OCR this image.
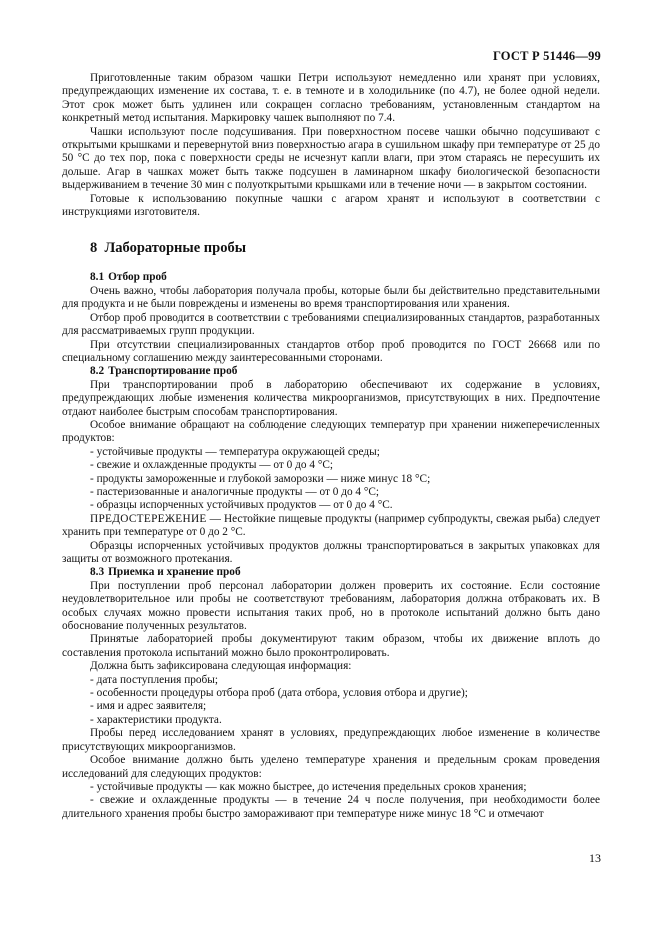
ГОСТ Р 51446—99

Приготовленные таким образом чашки Петри используют немедленно или хранят при условиях, предупреждающих изменение их состава, т. е. в темноте и в холодильнике (по 4.7), не более одной недели. Этот срок может быть удлинен или сокращен согласно требованиям, установленным стандартом на конкретный метод испытания. Маркировку чашек выполняют по 7.4.

Чашки используют после подсушивания. При поверхностном посеве чашки обычно подсушивают с открытыми крышками и перевернутой вниз поверхностью агара в сушильном шкафу при температуре от 25 до 50 °С до тех пор, пока с поверхности среды не исчезнут капли влаги, при этом стараясь не пересушить их дольше. Агар в чашках может быть также подсушен в ламинарном шкафу биологической безопасности выдерживанием в течение 30 мин с полуоткрытыми крышками или в течение ночи — в закрытом состоянии.

Готовые к использованию покупные чашки с агаром хранят и используют в соответствии с инструкциями изготовителя.

8 Лабораторные пробы
8.1 Отбор проб

Очень важно, чтобы лаборатория получала пробы, которые были бы действительно представительными для продукта и не были повреждены и изменены во время транспортирования или хранения.

Отбор проб проводится в соответствии с требованиями специализированных стандартов, разработанных для рассматриваемых групп продукции.

При отсутствии специализированных стандартов отбор проб проводится по ГОСТ 26668 или по специальному соглашению между заинтересованными сторонами.

8.2 Транспортирование проб

При транспортировании проб в лабораторию обеспечивают их содержание в условиях, предупреждающих любые изменения количества микроорганизмов, присутствующих в них. Предпочтение отдают наиболее быстрым способам транспортирования.

Особое внимание обращают на соблюдение следующих температур при хранении нижеперечисленных продуктов:

- устойчивые продукты — температура окружающей среды;
- свежие и охлажденные продукты — от 0 до 4 °С;
- продукты замороженные и глубокой заморозки — ниже минус 18 °С;
- пастеризованные и аналогичные продукты — от 0 до 4 °С;
- образцы испорченных устойчивых продуктов — от 0 до 4 °С.

ПРЕДОСТЕРЕЖЕНИЕ — Нестойкие пищевые продукты (например субпродукты, свежая рыба) следует хранить при температуре от 0 до 2 °С.

Образцы испорченных устойчивых продуктов должны транспортироваться в закрытых упаковках для защиты от возможного протекания.

8.3 Приемка и хранение проб

При поступлении проб персонал лаборатории должен проверить их состояние. Если состояние неудовлетворительное или пробы не соответствуют требованиям, лаборатория должна отбраковать их. В особых случаях можно провести испытания таких проб, но в протоколе испытаний должно быть дано обоснование полученных результатов.

Принятые лабораторией пробы документируют таким образом, чтобы их движение вплоть до составления протокола испытаний можно было проконтролировать.

Должна быть зафиксирована следующая информация:

- дата поступления пробы;
- особенности процедуры отбора проб (дата отбора, условия отбора и другие);
- имя и адрес заявителя;
- характеристики продукта.

Пробы перед исследованием хранят в условиях, предупреждающих любое изменение в количестве присутствующих микроорганизмов.

Особое внимание должно быть уделено температуре хранения и предельным срокам проведения исследований для следующих продуктов:

- устойчивые продукты — как можно быстрее, до истечения предельных сроков хранения;
- свежие и охлажденные продукты — в течение 24 ч после получения, при необходимости более длительного хранения пробы быстро замораживают при температуре ниже минус 18 °С и отмечают
13
